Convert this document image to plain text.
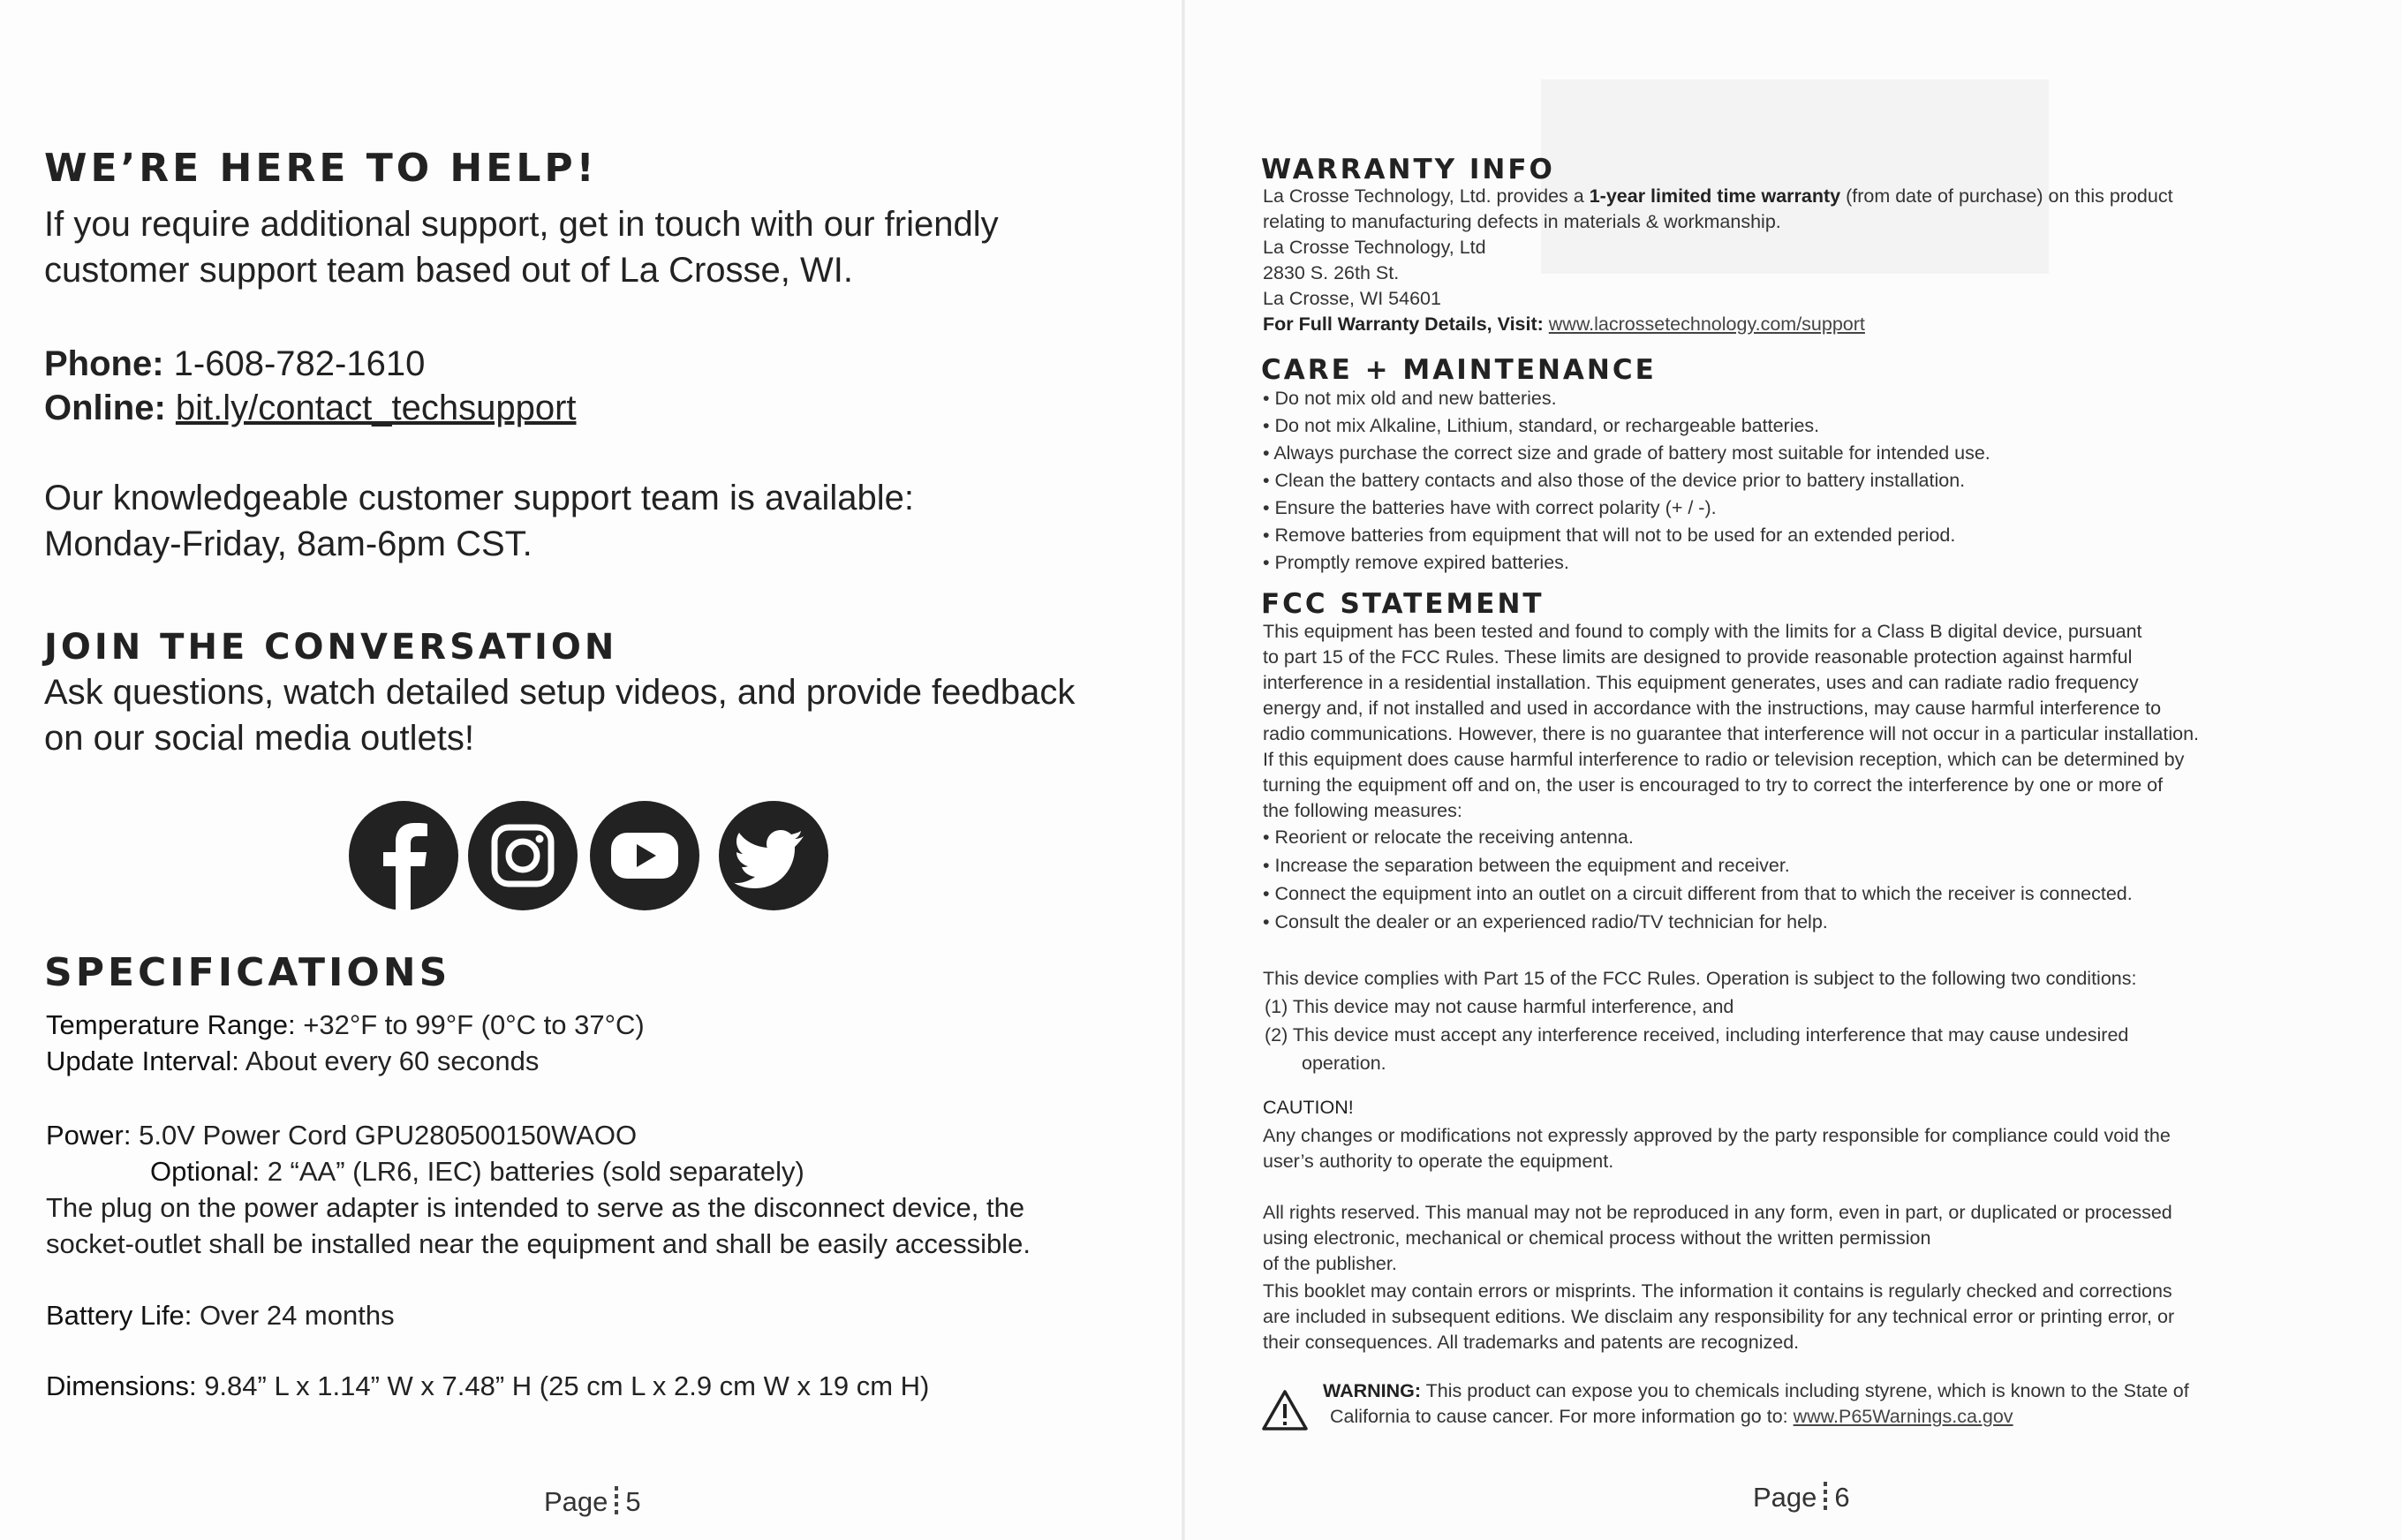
WE’RE HERE TO HELP!
If you require additional support, get in touch with our friendly
customer support team based out of La Crosse, WI.
Phone: 1-608-782-1610
Online: bit.ly/contact_techsupport
Our knowledgeable customer support team is available:
Monday-Friday, 8am-6pm CST.
JOIN THE CONVERSATION
Ask questions, watch detailed setup videos, and provide feedback
on our social media outlets!
SPECIFICATIONS
Temperature Range: +32°F to 99°F (0°C to 37°C)
Update Interval: About every 60 seconds
Power: 5.0V Power Cord GPU280500150WAOO
Optional: 2 “AA” (LR6, IEC) batteries (sold separately)
The plug on the power adapter is intended to serve as the disconnect device, the
socket-outlet shall be installed near the equipment and shall be easily accessible.
Battery Life: Over 24 months
Dimensions: 9.84” L x 1.14” W x 7.48” H (25 cm L x 2.9 cm W x 19 cm H)
Page 5
WARRANTY INFO
La Crosse Technology, Ltd. provides a 1-year limited time warranty (from date of purchase) on this product
relating to manufacturing defects in materials & workmanship.
La Crosse Technology, Ltd
2830 S. 26th St.
La Crosse, WI 54601
For Full Warranty Details, Visit: www.lacrossetechnology.com/support
CARE + MAINTENANCE
• Do not mix old and new batteries.
• Do not mix Alkaline, Lithium, standard, or rechargeable batteries.
• Always purchase the correct size and grade of battery most suitable for intended use.
• Clean the battery contacts and also those of the device prior to battery installation.
• Ensure the batteries have with correct polarity (+ / -).
• Remove batteries from equipment that will not to be used for an extended period.
• Promptly remove expired batteries.
FCC STATEMENT
This equipment has been tested and found to comply with the limits for a Class B digital device, pursuant
to part 15 of the FCC Rules. These limits are designed to provide reasonable protection against harmful
interference in a residential installation. This equipment generates, uses and can radiate radio frequency
energy and, if not installed and used in accordance with the instructions, may cause harmful interference to
radio communications. However, there is no guarantee that interference will not occur in a particular installation.
If this equipment does cause harmful interference to radio or television reception, which can be determined by
turning the equipment off and on, the user is encouraged to try to correct the interference by one or more of
the following measures:
• Reorient or relocate the receiving antenna.
• Increase the separation between the equipment and receiver.
• Connect the equipment into an outlet on a circuit different from that to which the receiver is connected.
• Consult the dealer or an experienced radio/TV technician for help.
This device complies with Part 15 of the FCC Rules. Operation is subject to the following two conditions:
(1) This device may not cause harmful interference, and
(2) This device must accept any interference received, including interference that may cause undesired
operation.
CAUTION!
Any changes or modifications not expressly approved by the party responsible for compliance could void the
user’s authority to operate the equipment.
All rights reserved. This manual may not be reproduced in any form, even in part, or duplicated or processed
using electronic, mechanical or chemical process without the written permission
of the publisher.
This booklet may contain errors or misprints. The information it contains is regularly checked and corrections
are included in subsequent editions. We disclaim any responsibility for any technical error or printing error, or
their consequences. All trademarks and patents are recognized.
WARNING: This product can expose you to chemicals including styrene, which is known to the State of
California to cause cancer. For more information go to: www.P65Warnings.ca.gov
Page 6
